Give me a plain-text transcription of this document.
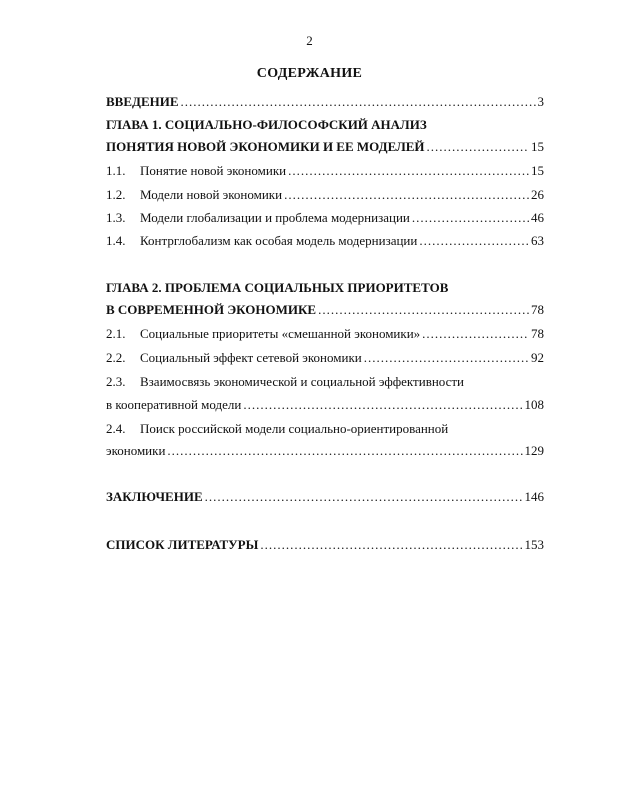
2
СОДЕРЖАНИЕ
ВВЕДЕНИЕ .....	3
ГЛАВА 1. СОЦИАЛЬНО-ФИЛОСОФСКИЙ АНАЛИЗ
ПОНЯТИЯ НОВОЙ ЭКОНОМИКИ И ЕЕ МОДЕЛЕЙ .....	15
1.1.	Понятие новой экономики .....	15
1.2.	Модели новой экономики .....	26
1.3.	Модели глобализации и проблема модернизации .....	46
1.4.	Контрглобализм как особая модель модернизации .....	63
ГЛАВА 2. ПРОБЛЕМА СОЦИАЛЬНЫХ ПРИОРИТЕТОВ
В СОВРЕМЕННОЙ ЭКОНОМИКЕ .....	78
2.1.	Социальные приоритеты «смешанной экономики» .....	78
2.2.	Социальный эффект сетевой экономики .....	92
2.3.	Взаимосвязь экономической и социальной эффективности
в кооперативной модели .....	108
2.4.	Поиск российской модели социально-ориентированной
экономики .....	129
ЗАКЛЮЧЕНИЕ .....	146
СПИСОК ЛИТЕРАТУРЫ .....	153
